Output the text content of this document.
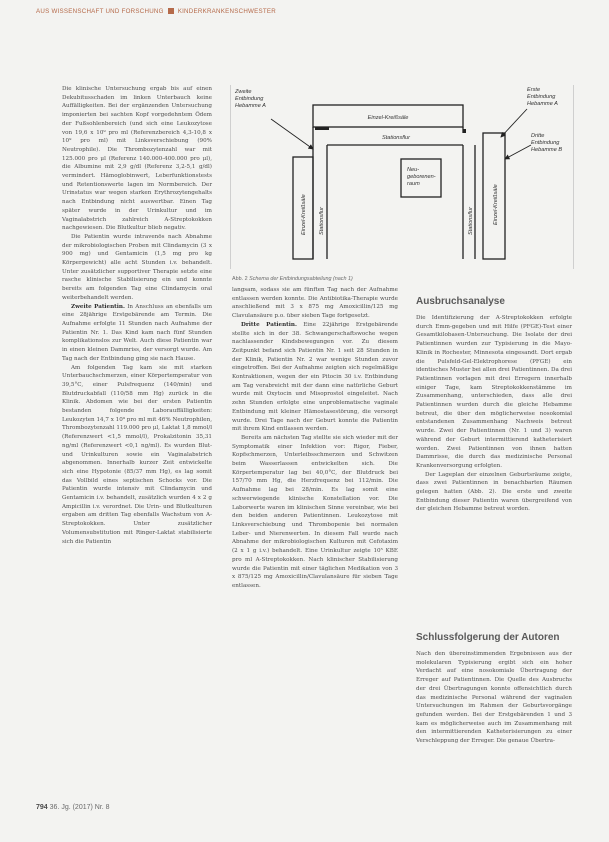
AUS WISSENSCHAFT UND FORSCHUNG KINDERKRANKENSCHWESTER

Die klinische Untersuchung ergab bis auf einen Dekubitusschaden im linken Unterbauch keine Auffälligkeiten. Bei der ergänzenden Untersuchung imponierten bei sachten Kopf vorgedehntem Ödem der Fußsohlenbereich (und sich eine Leukozytose von 19,6 x 10⁹ pro ml (Referenzbereich 4,3-10,8 x 10⁹ pro ml) mit Linksverschiebung (90% Neutrophile). Die Thrombozytenzahl war mit 125.000 pro μl (Referenz 140.000-400.000 pro μl), die Albumine mit 2,9 g/dl (Referenz 3,2-5,1 g/dl) vermindert. Hämoglobinwert, Leberfunktionstests und Retentionswerte lagen im Normbereich. Der Urinstatus war wegen starken Erythrozytengehalts nach Entbindung nicht auswertbar. Einen Tag später wurde in der Urinkultur und im Vaginalabstrich zahlreich A-Streptokokken nachgewiesen. Die Blutkultur blieb negativ.

Die Patientin wurde intravenös nach Abnahme der mikrobiologischen Proben mit Clindamycin (3 x 900 mg) und Gentamicin (1,5 mg pro kg Körpergewicht) alle acht Stunden i.v. behandelt. Unter zusätzlicher supportiver Therapie setzte eine rasche klinische Stabilisierung ein und konnte bereits am folgenden Tag eine Clindamycin oral weiterbehandelt werden.

Zweite Patientin. In Anschluss an ebenfalls um eine 28jährige Erstgebärende am Termin. Die Aufnahme erfolgte 11 Stunden nach Aufnahme der Patientin Nr. 1. Das Kind kam nach fünf Stunden komplikationslos zur Welt. Auch diese Patientin war in einen kleinen Dammriss, der versorgt wurde. Am Tag nach der Entbindung ging sie nach Hause.

Am folgenden Tag kam sie mit starken Unterbauchschmerzen, einer Körpertemperatur von 39,5°C, einer Pulsfrequenz (140/min) und Blutdruckabfall (110/58 mm Hg) zurück in die Klinik. Abdomen wie bei der ersten Patientin bestanden folgende Laborauffälligkeiten: Leukozyten 14,7 x 10⁹ pro ml mit 46% Neutrophilen, Thrombozytenzahl 119.000 pro μl, Laktat 1,8 mmol/l (Referenzwert <1,5 mmol/l), Prokalzitonin 35,31 ng/ml (Referenzwert <0,1 ng/ml). Es wurden Blut- und Urinkulturen sowie ein Vaginalabstrich abgenommen. Innerhalb kurzer Zeit entwickelte sich eine Hypotonie (85/37 mm Hg), es lag somit das Vollbild eines septischen Schocks vor. Die Patientin wurde intensiv mit Clindamycin und Gentamicin i.v. behandelt, zusätzlich wurden 4 x 2 g Ampicillin i.v. verordnet. Die Urin- und Blutkulturen ergaben am dritten Tag ebenfalls Wachstum von A-Streptokokken. Unter zusätzlicher Volumensubstitution mit Ringer-Laktat stabilisierte sich die Patientin

Zweite Entbindung Hebamme A
Erste Entbindung Hebamme A
Dritte Entbindung Hebamme B
Einzel-Kreißsäle
Stationsflur
Neu- geborenen- raum
Einzel-Kreißsäle Stationsflur	Stationsflur	Einzel-Kreißsäle
Abb. 2 Schema der Entbindungsabteilung (nach 1)

langsam, sodass sie am fünften Tag nach der Aufnahme entlassen werden konnte. Die Antibiotika-Therapie wurde anschließend mit 3 x 875 mg Amoxicillin/125 mg Clavulansäure p.o. über sieben Tage fortgesetzt.

Dritte Patientin. Eine 22jährige Erstgebärende stellte sich in der 38. Schwangerschaftswoche wegen nachlassender Kindsbewegungen vor. Zu diesem Zeitpunkt befand sich Patientin Nr. 1 seit 28 Stunden in der Klinik, Patientin Nr. 2 war wenige Stunden zuvor eingetroffen. Bei der Aufnahme zeigten sich regelmäßige Kontraktionen, wegen der ein Pitocin 30 i.v. Entbindung am Tag verabreicht mit der dann eine natürliche Geburt wurde mit Oxytocin und Misoprostol eingeleitet. Nach zehn Stunden erfolgte eine unproblematische vaginale Entbindung mit kleiner Hämostasestörung, die versorgt wurde. Drei Tage nach der Geburt konnte die Patientin mit ihrem Kind entlassen werden.

Bereits am nächsten Tag stellte sie sich wieder mit der Symptomatik einer Infektion vor: Rigor, Fieber, Kopfschmerzen, Unterleibsschmerzen und Schwitzen beim Wasserlassen entwickelten sich. Die Körpertemperatur lag bei 40,0°C, der Blutdruck bei 157/70 mm Hg, die Herzfrequenz bei 112/min. Die Aufnahme lag bei 28/min. Es lag somit eine schwerwiegende klinische Konstellation vor. Die Laborwerte waren im klinischen Sinne vereinbar, wie bei den beiden anderen Patientinnen. Leukozytose mit Linksverschiebung und Thrombopenie bei normalen Leber- und Nierenwerten. In diesem Fall wurde nach Abnahme der mikrobiologischen Kulturen mit Cefotaxim (2 x 1 g i.v.) behandelt. Eine Urinkultur zeigte 10⁵ KBE pro ml A-Streptokokken. Nach klinischer Stabilisierung wurde die Patientin mit einer täglichen Medikation von 3 x 875/125 mg Amoxicillin/Clavulansäure für sieben Tage entlassen.

Ausbruchsanalyse

Die Identifizierung der A-Streptokokken erfolgte durch Emm-gegeben und mit Hilfe (PFGE)-Test einer Gesamtkilobasen-Untersuchung. Die Isolate der drei Patientinnen wurden zur Typisierung in die Mayo-Klinik in Rochester, Minnesota eingesandt. Dort ergab die Pulsfeld-Gel-Elektrophorese (PFGE) ein identisches Muster bei allen drei Patientinnen. Da drei Patientinnen vorlagen mit drei Erregern innerhalb einiger Tage, kam Streptokokkenstämme im Zusammenhang, unterschieden, dass alle drei Patientinnen wurden durch die gleiche Hebamme betreut, die über den möglicherweise nosokomial entstandenen Zusammenhang Nachweis betreut wurde. Zwei der Patientinnen (Nr. 1 und 3) waren während der Geburt intermittierend katheterisiert worden. Zwei Patientinnen von ihnen hatten Dammrisse, die durch das medizinische Personal Krankenversorgung erfolgten.

Der Lageplan der einzelnen Geburtsräume zeigte, dass zwei Patientinnen in benachbarten Räumen gelegen hatten (Abb. 2). Die erste und zweite Entbindung dieser Patientin waren übergreifend von der gleichen Hebamme betreut worden.

Schlussfolgerung der Autoren

Nach den übereinstimmenden Ergebnissen aus der molekularen Typisierung ergibt sich ein hoher Verdacht auf eine nosokomiale Übertragung der Erreger auf Patientinnen. Die Quelle des Ausbruchs der drei Übertragungen konnte offensichtlich durch das medizinische Personal während der vaginalen Untersuchungen im Rahmen der Geburtsvorgänge gefunden werden. Bei der Erstgebärenden 1 und 3 kam es möglicherweise auch im Zusammenhang mit den intermittierenden Katheterisierungen zu einer Verschleppung der Erreger. Die genaue Übertra-

794 36. Jg. (2017) Nr. 8
